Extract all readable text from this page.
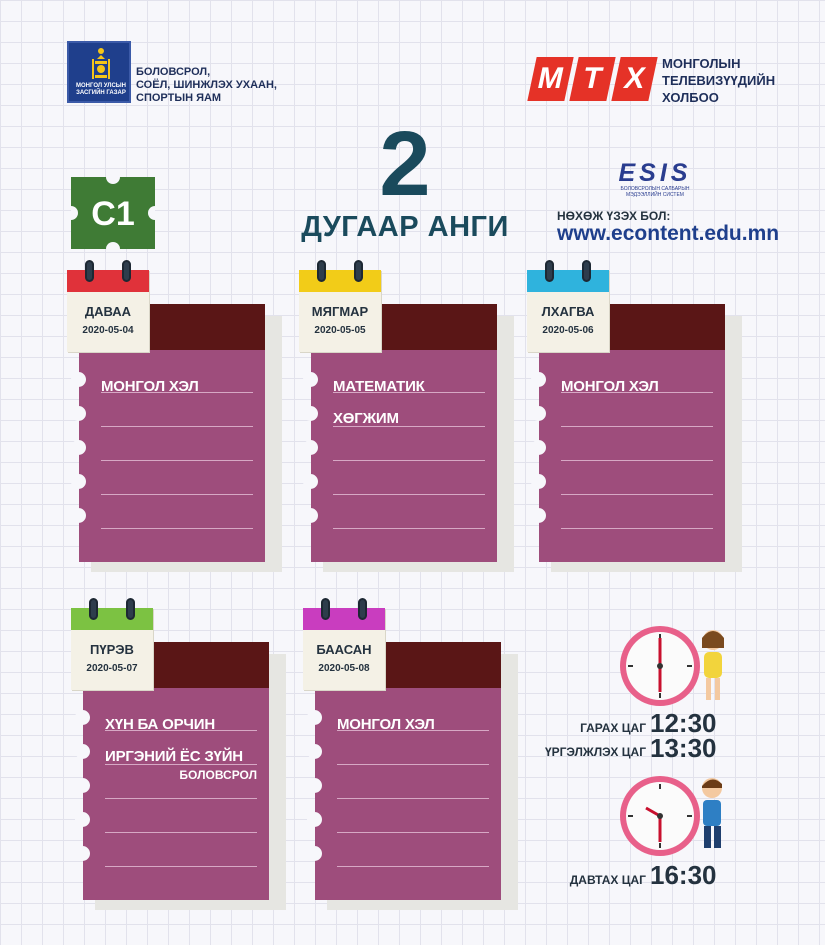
МОНГОЛ УЛСЫН ЗАСГИЙН ГАЗАР
БОЛОВСРОЛ,
СОЁЛ, ШИНЖЛЭХ УХААН,
СПОРТЫН ЯАМ
М Т Х	МОНГОЛЫН
ТЕЛЕВИЗҮҮДИЙН
ХОЛБОО
2
ДУГААР АНГИ
С1
ESIS
БОЛОВСРОЛЫН САЛБАРЫН МЭДЭЭЛЛИЙН СИСТЕМ
НӨХӨЖ ҮЗЭХ БОЛ:
www.econtent.edu.mn
МОНГОЛ ХЭЛ
ДАВАА
2020-05-04
МАТЕМАТИК
ХӨГЖИМ
МЯГМАР
2020-05-05
МОНГОЛ ХЭЛ
ЛХАГВА
2020-05-06
ХҮН БА ОРЧИН
ИРГЭНИЙ ЁС ЗҮЙН
БОЛОВСРОЛ
ПҮРЭВ
2020-05-07
МОНГОЛ ХЭЛ
БААСАН
2020-05-08
ГАРАХ ЦАГ 12:30
ҮРГЭЛЖЛЭХ ЦАГ 13:30
ДАВТАХ ЦАГ 16:30
